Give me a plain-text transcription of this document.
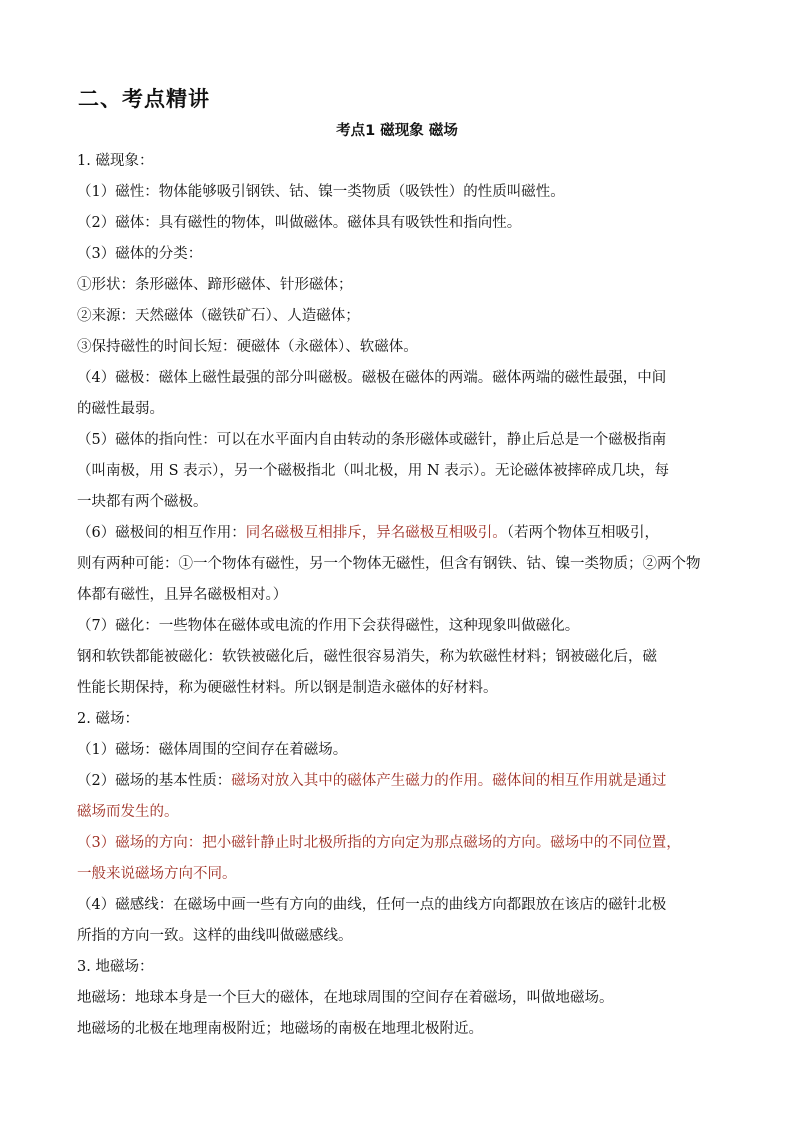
二、考点精讲
考点1 磁现象 磁场
1. 磁现象：
（1）磁性：物体能够吸引钢铁、钴、镍一类物质（吸铁性）的性质叫磁性。
（2）磁体：具有磁性的物体，叫做磁体。磁体具有吸铁性和指向性。
（3）磁体的分类：
①形状：条形磁体、蹄形磁体、针形磁体；
②来源：天然磁体（磁铁矿石）、人造磁体；
③保持磁性的时间长短：硬磁体（永磁体）、软磁体。
（4）磁极：磁体上磁性最强的部分叫磁极。磁极在磁体的两端。磁体两端的磁性最强，中间
的磁性最弱。
（5）磁体的指向性：可以在水平面内自由转动的条形磁体或磁针，静止后总是一个磁极指南
（叫南极，用 S 表示），另一个磁极指北（叫北极，用 N 表示）。无论磁体被摔碎成几块，每
一块都有两个磁极。
（6）磁极间的相互作用：同名磁极互相排斥，异名磁极互相吸引。（若两个物体互相吸引，
则有两种可能：①一个物体有磁性，另一个物体无磁性，但含有钢铁、钴、镍一类物质；②两个物
体都有磁性，且异名磁极相对。）
（7）磁化：一些物体在磁体或电流的作用下会获得磁性，这种现象叫做磁化。
钢和软铁都能被磁化：软铁被磁化后，磁性很容易消失，称为软磁性材料；钢被磁化后，磁
性能长期保持，称为硬磁性材料。所以钢是制造永磁体的好材料。
2. 磁场：
（1）磁场：磁体周围的空间存在着磁场。
（2）磁场的基本性质：磁场对放入其中的磁体产生磁力的作用。磁体间的相互作用就是通过
磁场而发生的。
（3）磁场的方向：把小磁针静止时北极所指的方向定为那点磁场的方向。磁场中的不同位置，
一般来说磁场方向不同。
（4）磁感线：在磁场中画一些有方向的曲线，任何一点的曲线方向都跟放在该店的磁针北极
所指的方向一致。这样的曲线叫做磁感线。
3. 地磁场：
地磁场：地球本身是一个巨大的磁体，在地球周围的空间存在着磁场，叫做地磁场。
地磁场的北极在地理南极附近；地磁场的南极在地理北极附近。
